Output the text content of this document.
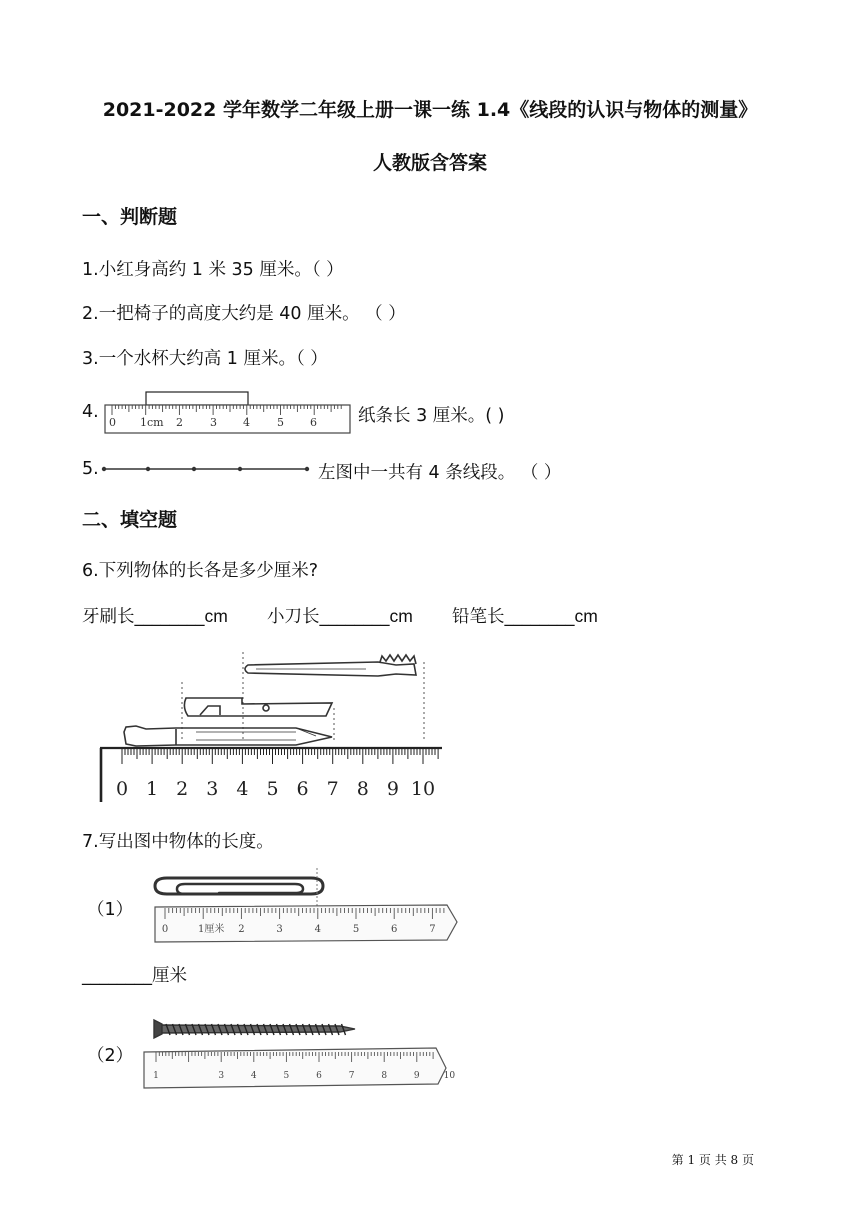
2021-2022 学年数学二年级上册一课一练 1.4《线段的认识与物体的测量》
人教版含答案
一、判断题
1.小红身高约 1 米 35 厘米。（ ）
2.一把椅子的高度大约是 40 厘米。 （ ）
3.一个水杯大约高 1 厘米。（ ）
4.
0 1cm 2 3 4 5 6 纸条长 3 厘米。( )
5.	左图中一共有 4 条线段。 （ ）
二、填空题
6.下列物体的长各是多少厘米?
牙刷长________cm 小刀长________cm 铅笔长________cm
0 1 2 3 4 5 6 7 8 9 10
7.写出图中物体的长度。
（1）
0	1厘米 2	3	4	5	6	7
________厘米
（2）
1	3	4	5	6	7	8	9	10
第 1 页 共 8 页
